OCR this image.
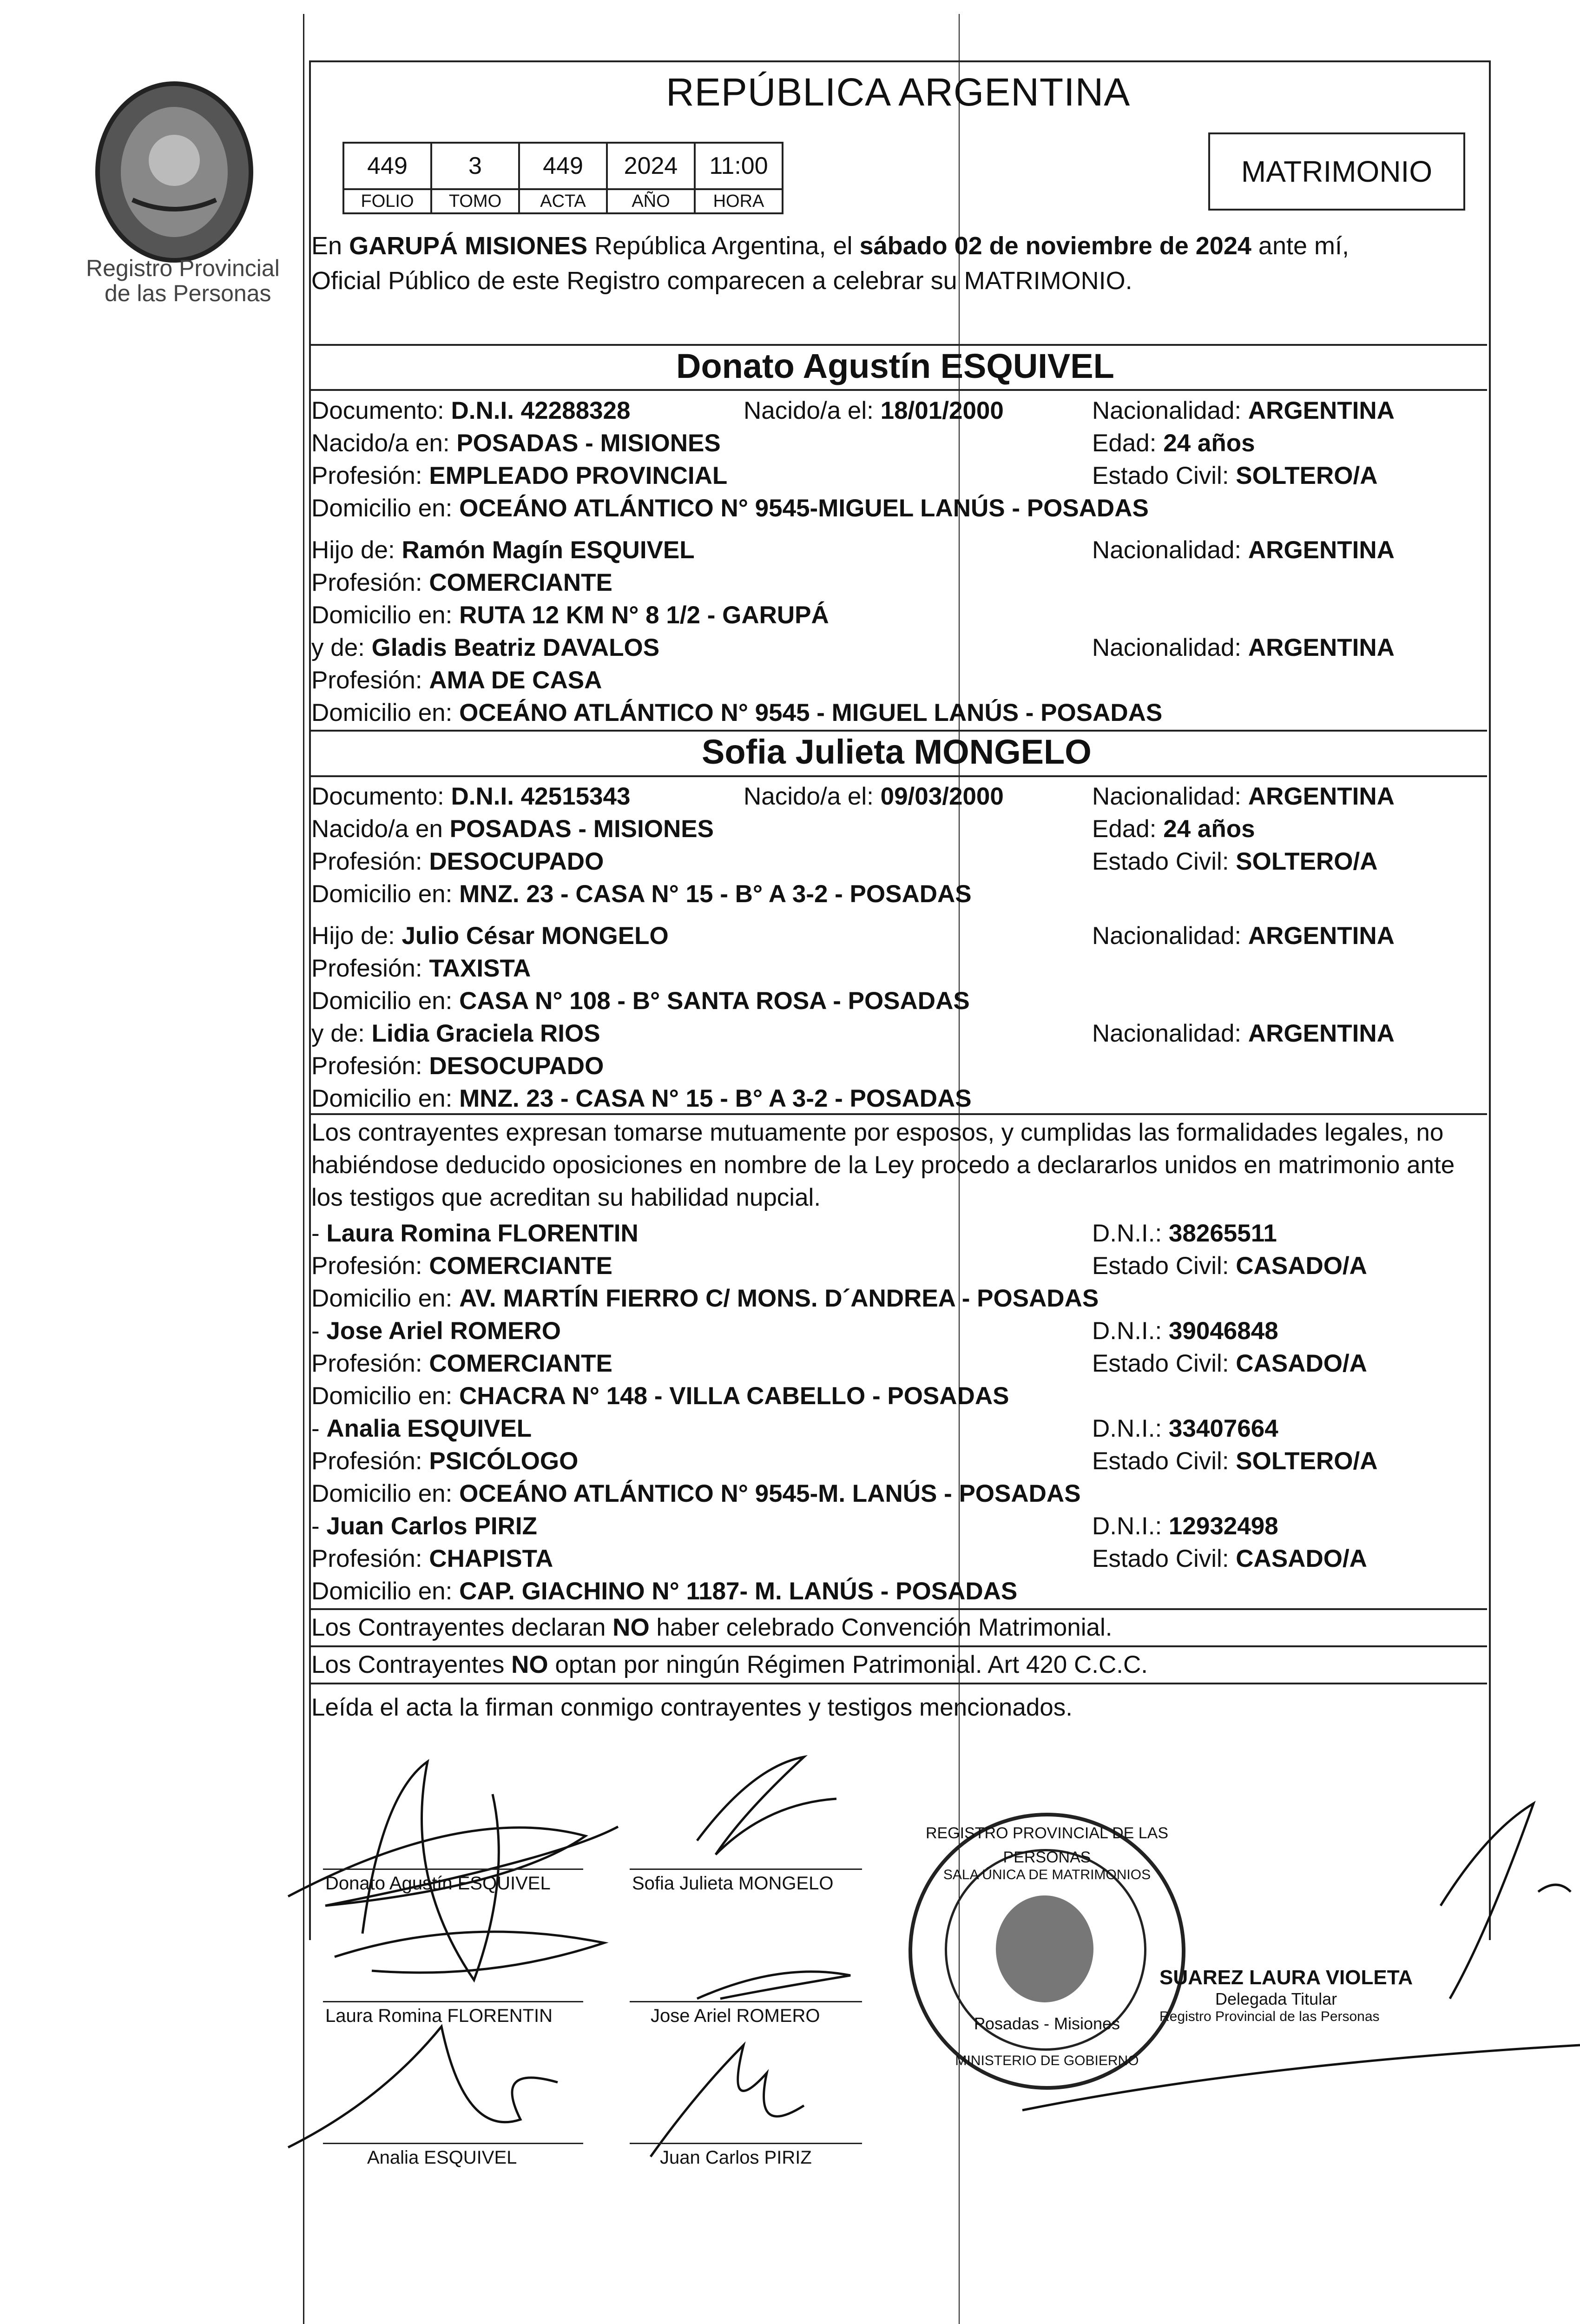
Registro Provincial
de las Personas
REPÚBLICA ARGENTINA
449	3	449	2024	11:00
FOLIO	TOMO	ACTA	AÑO	HORA
MATRIMONIO
En GARUPÁ MISIONES República Argentina, el sábado 02 de noviembre de 2024 ante mí,
Oficial Público de este Registro comparecen a celebrar su MATRIMONIO.
Donato Agustín ESQUIVEL
Documento: D.N.I. 42288328	Nacido/a el: 18/01/2000	Nacionalidad: ARGENTINA
Nacido/a en: POSADAS - MISIONES	Edad: 24 años
Profesión: EMPLEADO PROVINCIAL	Estado Civil: SOLTERO/A
Domicilio en: OCEÁNO ATLÁNTICO N° 9545-MIGUEL LANÚS - POSADAS
Hijo de: Ramón Magín ESQUIVEL	Nacionalidad: ARGENTINA
Profesión: COMERCIANTE
Domicilio en: RUTA 12 KM N° 8 1/2 - GARUPÁ
y de: Gladis Beatriz DAVALOS	Nacionalidad: ARGENTINA
Profesión: AMA DE CASA
Domicilio en: OCEÁNO ATLÁNTICO N° 9545 - MIGUEL LANÚS - POSADAS
Sofia Julieta MONGELO
Documento: D.N.I. 42515343	Nacido/a el: 09/03/2000	Nacionalidad: ARGENTINA
Nacido/a en POSADAS - MISIONES	Edad: 24 años
Profesión: DESOCUPADO	Estado Civil: SOLTERO/A
Domicilio en: MNZ. 23 - CASA N° 15 - B° A 3-2 - POSADAS
Hijo de: Julio César MONGELO	Nacionalidad: ARGENTINA
Profesión: TAXISTA
Domicilio en: CASA N° 108 - B° SANTA ROSA - POSADAS
y de: Lidia Graciela RIOS	Nacionalidad: ARGENTINA
Profesión: DESOCUPADO
Domicilio en: MNZ. 23 - CASA N° 15 - B° A 3-2 - POSADAS
Los contrayentes expresan tomarse mutuamente por esposos, y cumplidas las formalidades legales, no
habiéndose deducido oposiciones en nombre de la Ley procedo a declararlos unidos en matrimonio ante
los testigos que acreditan su habilidad nupcial.
- Laura Romina FLORENTIN	D.N.I.: 38265511
Profesión: COMERCIANTE	Estado Civil: CASADO/A
Domicilio en: AV. MARTÍN FIERRO C/ MONS. D´ANDREA - POSADAS
- Jose Ariel ROMERO	D.N.I.: 39046848
Profesión: COMERCIANTE	Estado Civil: CASADO/A
Domicilio en: CHACRA N° 148 - VILLA CABELLO - POSADAS
- Analia ESQUIVEL	D.N.I.: 33407664
Profesión: PSICÓLOGO	Estado Civil: SOLTERO/A
Domicilio en: OCEÁNO ATLÁNTICO N° 9545-M. LANÚS - POSADAS
- Juan Carlos PIRIZ	D.N.I.: 12932498
Profesión: CHAPISTA	Estado Civil: CASADO/A
Domicilio en: CAP. GIACHINO N° 1187- M. LANÚS - POSADAS
Los Contrayentes declaran NO haber celebrado Convención Matrimonial.
Los Contrayentes NO optan por ningún Régimen Patrimonial. Art 420 C.C.C.
Leída el acta la firman conmigo contrayentes y testigos mencionados.
Donato Agustín ESQUIVEL	Sofia Julieta MONGELO
Laura Romina FLORENTIN	Jose Ariel ROMERO
Analia ESQUIVEL	Juan Carlos PIRIZ
REGISTRO PROVINCIAL DE LAS PERSONAS
SALA ÚNICA DE MATRIMONIOS
Posadas - Misiones
MINISTERIO DE GOBIERNO
SUAREZ LAURA VIOLETA
Delegada Titular
Registro Provincial de las Personas
